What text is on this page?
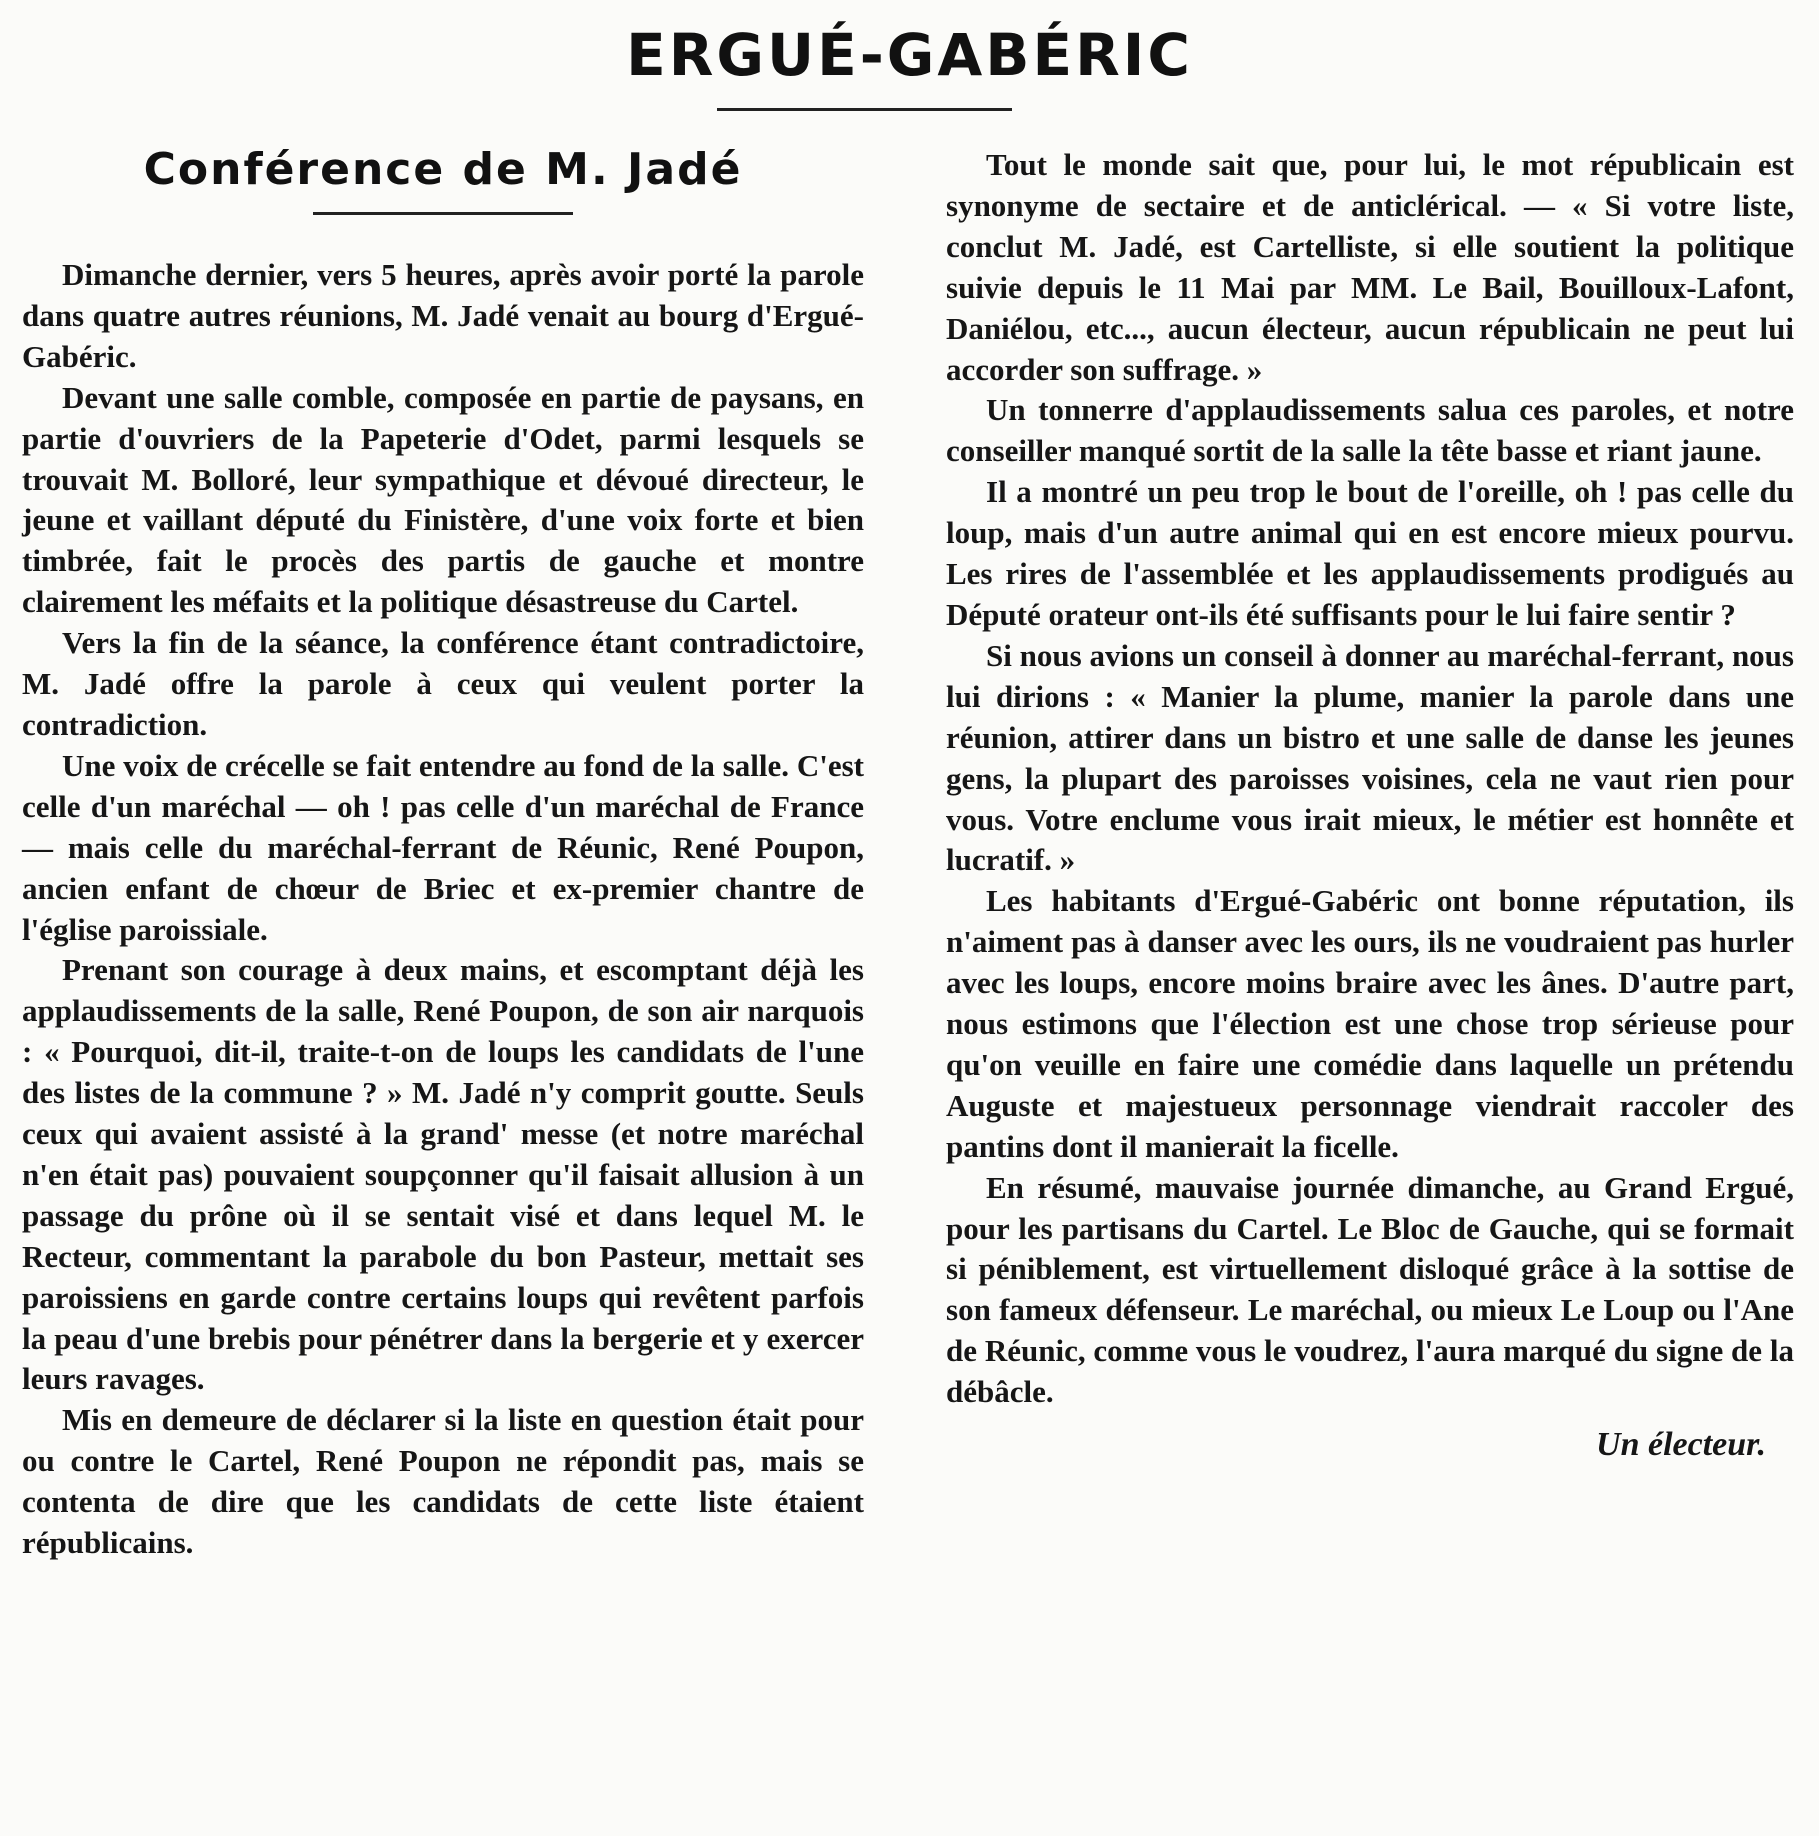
ERGUÉ-GABÉRIC
Conférence de M. Jadé

Dimanche dernier, vers 5 heures, après avoir porté la parole dans quatre autres réunions, M. Jadé venait au bourg d'Ergué-Gabéric.

Devant une salle comble, composée en partie de paysans, en partie d'ouvriers de la Papeterie d'Odet, parmi lesquels se trouvait M. Bolloré, leur sympathique et dévoué directeur, le jeune et vaillant député du Finistère, d'une voix forte et bien timbrée, fait le procès des partis de gauche et montre clairement les méfaits et la politique désastreuse du Cartel.

Vers la fin de la séance, la conférence étant contradictoire, M. Jadé offre la parole à ceux qui veulent porter la contradiction.

Une voix de crécelle se fait entendre au fond de la salle. C'est celle d'un maréchal — oh ! pas celle d'un maréchal de France — mais celle du maréchal-ferrant de Réunic, René Poupon, ancien enfant de chœur de Briec et ex-premier chantre de l'église paroissiale.

Prenant son courage à deux mains, et escomptant déjà les applaudissements de la salle, René Poupon, de son air narquois : « Pourquoi, dit-il, traite-t-on de loups les candidats de l'une des listes de la commune ? » M. Jadé n'y comprit goutte. Seuls ceux qui avaient assisté à la grand' messe (et notre maréchal n'en était pas) pouvaient soupçonner qu'il faisait allusion à un passage du prône où il se sentait visé et dans lequel M. le Recteur, commentant la parabole du bon Pasteur, mettait ses paroissiens en garde contre certains loups qui revêtent parfois la peau d'une brebis pour pénétrer dans la bergerie et y exercer leurs ravages.

Mis en demeure de déclarer si la liste en question était pour ou contre le Cartel, René Poupon ne répondit pas, mais se contenta de dire que les candidats de cette liste étaient républicains.

Tout le monde sait que, pour lui, le mot républicain est synonyme de sectaire et de anticlérical. — « Si votre liste, conclut M. Jadé, est Cartelliste, si elle soutient la politique suivie depuis le 11 Mai par MM. Le Bail, Bouilloux-Lafont, Daniélou, etc..., aucun électeur, aucun républicain ne peut lui accorder son suffrage. »

Un tonnerre d'applaudissements salua ces paroles, et notre conseiller manqué sortit de la salle la tête basse et riant jaune.

Il a montré un peu trop le bout de l'oreille, oh ! pas celle du loup, mais d'un autre animal qui en est encore mieux pourvu. Les rires de l'assemblée et les applaudissements prodigués au Député orateur ont-ils été suffisants pour le lui faire sentir ?

Si nous avions un conseil à donner au maréchal-ferrant, nous lui dirions : « Manier la plume, manier la parole dans une réunion, attirer dans un bistro et une salle de danse les jeunes gens, la plupart des paroisses voisines, cela ne vaut rien pour vous. Votre enclume vous irait mieux, le métier est honnête et lucratif. »

Les habitants d'Ergué-Gabéric ont bonne réputation, ils n'aiment pas à danser avec les ours, ils ne voudraient pas hurler avec les loups, encore moins braire avec les ânes. D'autre part, nous estimons que l'élection est une chose trop sérieuse pour qu'on veuille en faire une comédie dans laquelle un prétendu Auguste et majestueux personnage viendrait raccoler des pantins dont il manierait la ficelle.

En résumé, mauvaise journée dimanche, au Grand Ergué, pour les partisans du Cartel. Le Bloc de Gauche, qui se formait si péniblement, est virtuellement disloqué grâce à la sottise de son fameux défenseur. Le maréchal, ou mieux Le Loup ou l'Ane de Réunic, comme vous le voudrez, l'aura marqué du signe de la débâcle.

Un électeur.
